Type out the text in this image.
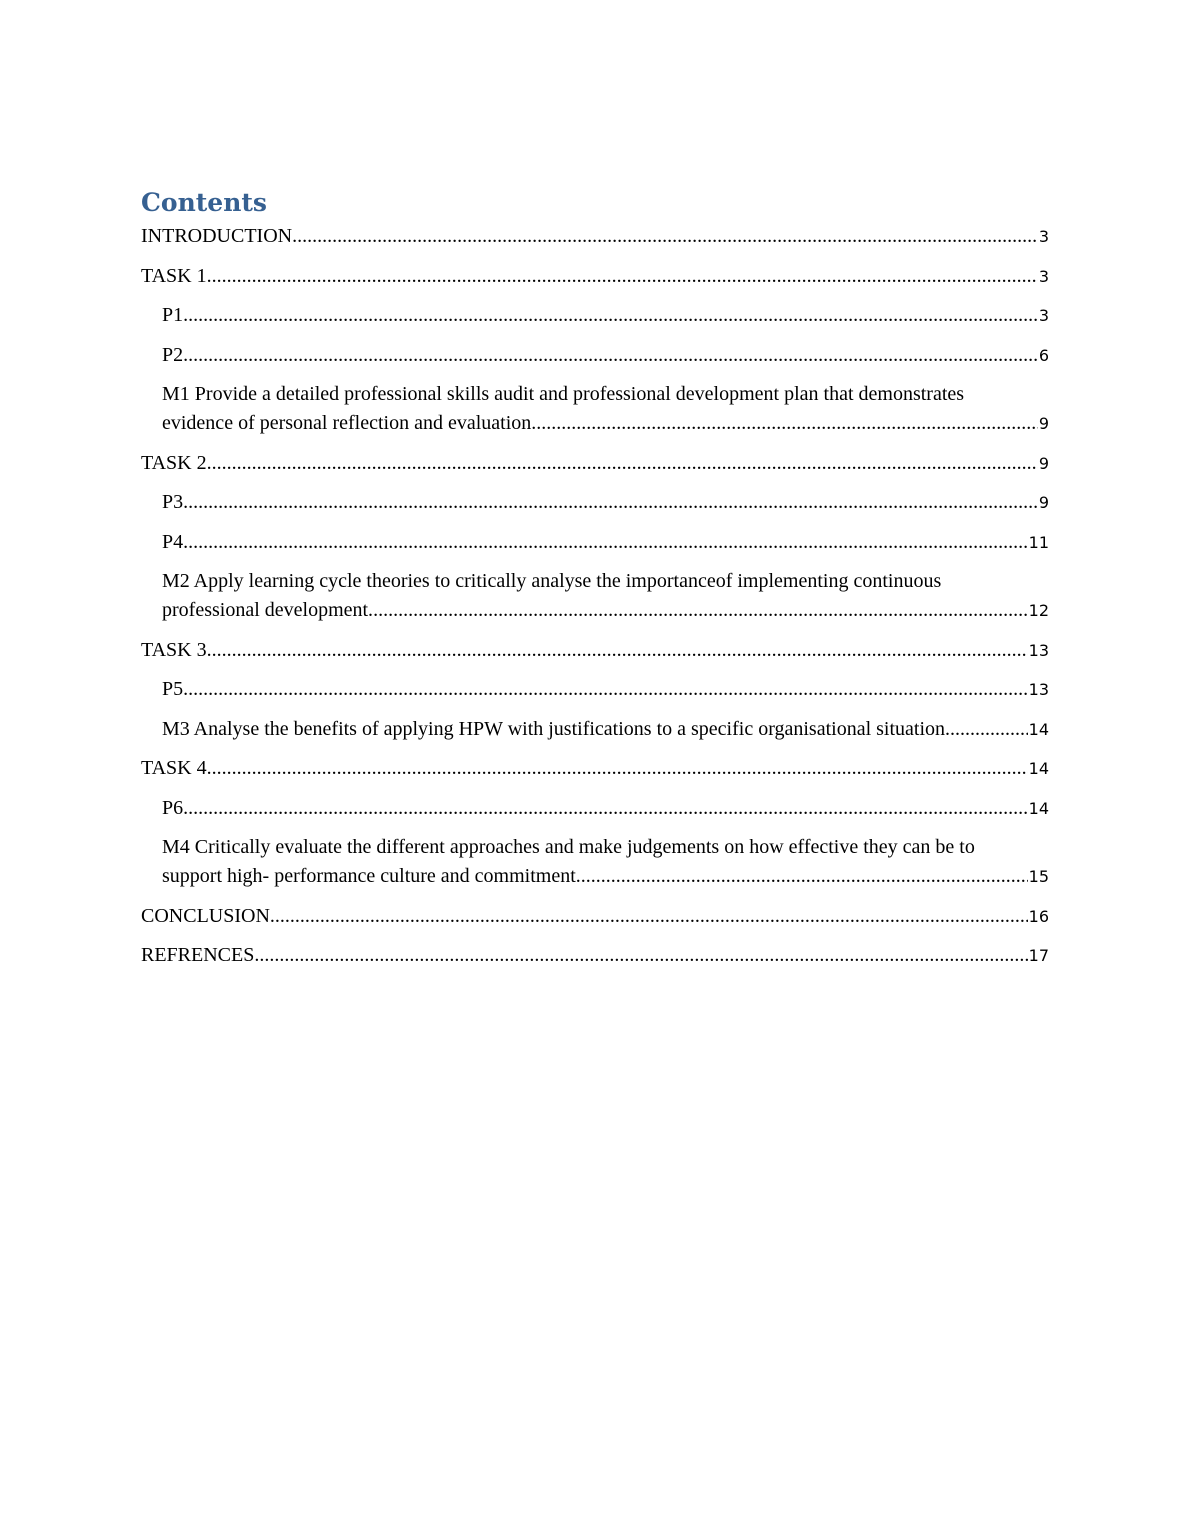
Contents
INTRODUCTION .....	3
TASK 1 .....	3
P1 .....	3
P2 .....	6
M1 Provide a detailed professional skills audit and professional development plan that demonstrates
evidence of personal reflection and evaluation. .....	9
TASK 2 .....	9
P3 .....	9
P4 .....	11
M2 Apply learning cycle theories to critically analyse the importanceof implementing continuous
professional development. .....	12
TASK 3 .....	13
P5 .....	13
M3 Analyse the benefits of applying HPW with justifications to a specific organisational situation. .....	14
TASK 4 .....	14
P6 .....	14
M4 Critically evaluate the different approaches and make judgements on how effective they can be to
support high- performance culture and commitment. .....	15
CONCLUSION .....	16
REFRENCES .....	17
